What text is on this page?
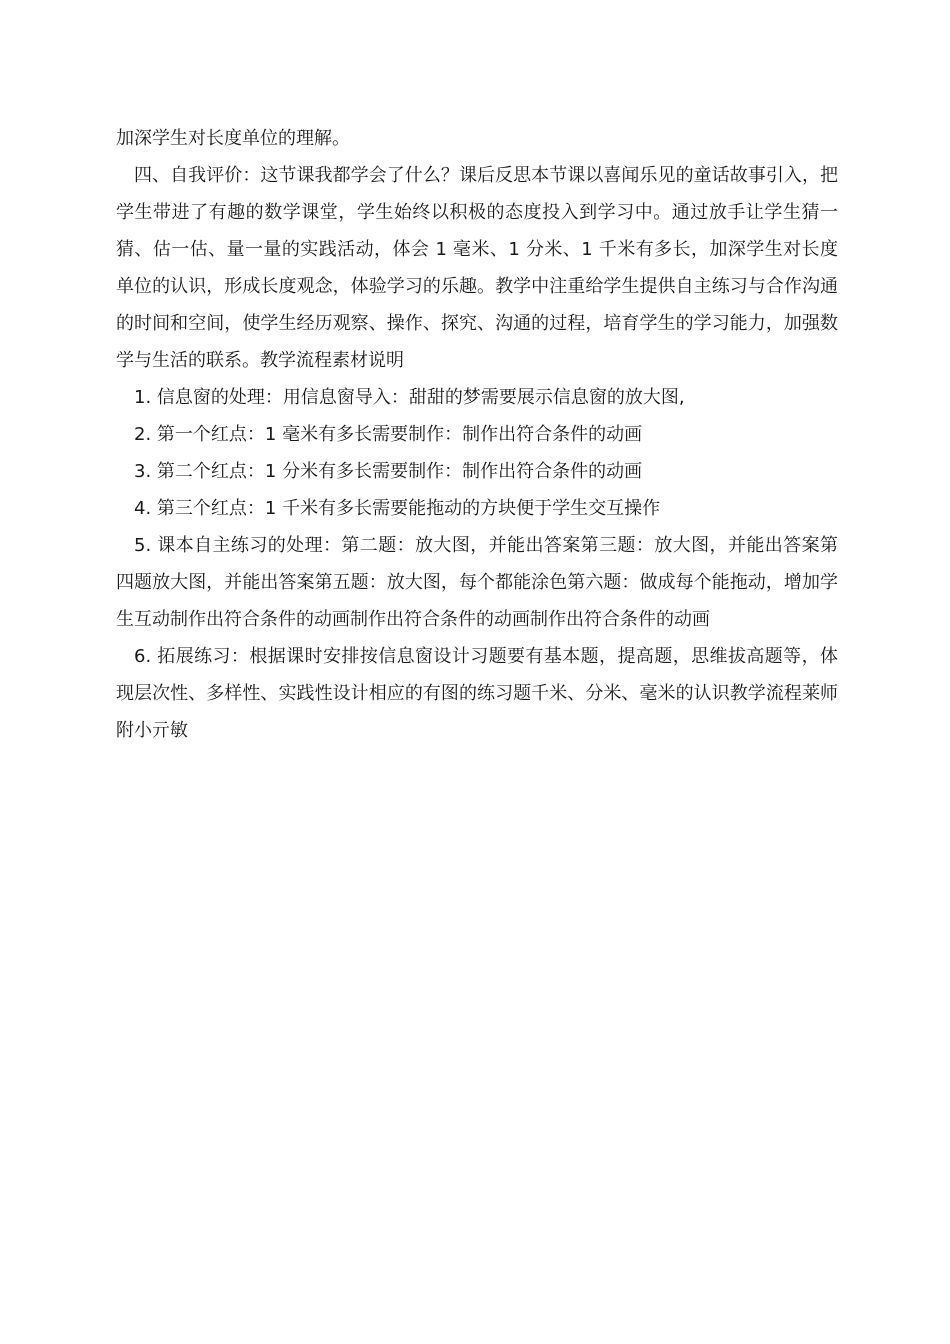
加深学生对长度单位的理解。

四、自我评价：这节课我都学会了什么？课后反思本节课以喜闻乐见的童话故事引入，把学生带进了有趣的数学课堂，学生始终以积极的态度投入到学习中。通过放手让学生猜一猜、估一估、量一量的实践活动，体会 1 毫米、1 分米、1 千米有多长，加深学生对长度单位的认识，形成长度观念，体验学习的乐趣。教学中注重给学生提供自主练习与合作沟通的时间和空间，使学生经历观察、操作、探究、沟通的过程，培育学生的学习能力，加强数学与生活的联系。教学流程素材说明

1. 信息窗的处理：用信息窗导入：甜甜的梦需要展示信息窗的放大图,

2. 第一个红点：1 毫米有多长需要制作：制作出符合条件的动画

3. 第二个红点：1 分米有多长需要制作：制作出符合条件的动画

4. 第三个红点：1 千米有多长需要能拖动的方块便于学生交互操作

5. 课本自主练习的处理：第二题：放大图，并能出答案第三题：放大图，并能出答案第四题放大图，并能出答案第五题：放大图，每个都能涂色第六题：做成每个能拖动，增加学生互动制作出符合条件的动画制作出符合条件的动画制作出符合条件的动画

6. 拓展练习：根据课时安排按信息窗设计习题要有基本题，提高题，思维拔高题等，体现层次性、多样性、实践性设计相应的有图的练习题千米、分米、毫米的认识教学流程莱师附小亓敏
